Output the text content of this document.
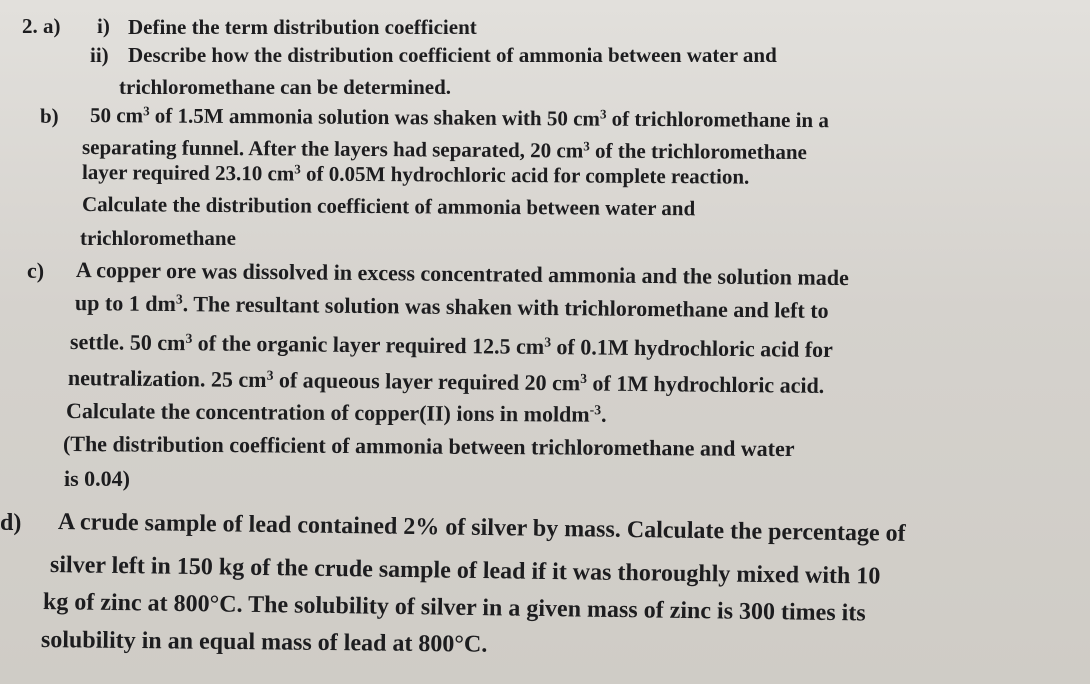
2. a) i) Define the term distribution coefficient
ii) Describe how the distribution coefficient of ammonia between water and
trichloromethane can be determined.
b) 50 $cm^3$ of 1.5M ammonia solution was shaken with 50 $cm^3$ of trichloromethane in a
separating funnel. After the layers had separated, 20 $cm^3$ of the trichloromethane
layer required 23.10 $cm^3$ of 0.05M hydrochloric acid for complete reaction.
Calculate the distribution coefficient of ammonia between water and
trichloromethane
c) A copper ore was dissolved in excess concentrated ammonia and the solution made
up to 1 $dm^3$. The resultant solution was shaken with trichloromethane and left to
settle. 50 $cm^3$ of the organic layer required 12.5 $cm^3$ of 0.1M hydrochloric acid for
neutralization. 25 $cm^3$ of aqueous layer required 20 $cm^3$ of 1M hydrochloric acid.
Calculate the concentration of copper(II) ions in moldm$^{-3}$.
(The distribution coefficient of ammonia between trichloromethane and water
is 0.04)
d) A crude sample of lead contained 2% of silver by mass. Calculate the percentage of
silver left in 150 kg of the crude sample of lead if it was thoroughly mixed with 10
kg of zinc at 800°C. The solubility of silver in a given mass of zinc is 300 times its
solubility in an equal mass of lead at 800°C.
